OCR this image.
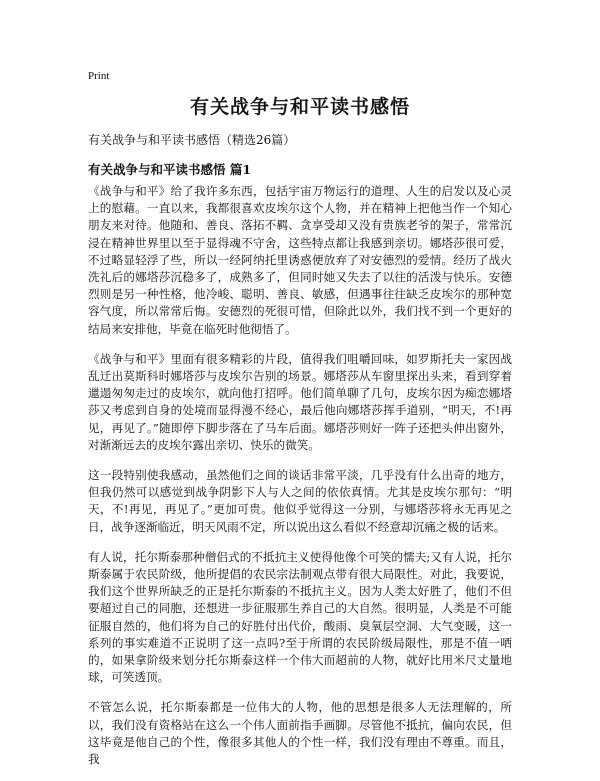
Print
有关战争与和平读书感悟

有关战争与和平读书感悟（精选26篇）

有关战争与和平读书感悟 篇1

《战争与和平》给了我许多东西，包括宇宙万物运行的道理、人生的启发以及心灵上的慰藉。一直以来，我都很喜欢皮埃尔这个人物，并在精神上把他当作一个知心朋友来对待。他随和、善良、落拓不羁、贪享受却又没有贵族老爷的架子，常常沉浸在精神世界里以至于显得魂不守舍，这些特点都让我感到亲切。娜塔莎很可爱，不过略显轻浮了些，所以一经阿纳托里诱惑便放弃了对安德烈的爱情。经历了战火洗礼后的娜塔莎沉稳多了，成熟多了，但同时她又失去了以往的活泼与快乐。安德烈则是另一种性格，他冷峻、聪明、善良、敏感，但遇事往往缺乏皮埃尔的那种宽容气度，所以常常后悔。安德烈的死很可惜，但除此以外，我们找不到一个更好的结局来安排他，毕竟在临死时他彻悟了。

《战争与和平》里面有很多精彩的片段，值得我们咀嚼回味，如罗斯托夫一家因战乱迁出莫斯科时娜塔莎与皮埃尔告别的场景。娜塔莎从车窗里探出头来，看到穿着邋遢匆匆走过的皮埃尔，就向他打招呼。他们简单聊了几句，皮埃尔因为痴恋娜塔莎又考虑到自身的处境而显得漫不经心，最后他向娜塔莎挥手道别，“明天，不!再见，再见了。”随即停下脚步落在了马车后面。娜塔莎则好一阵子还把头伸出窗外，对渐渐远去的皮埃尔露出亲切、快乐的微笑。

这一段特别使我感动，虽然他们之间的谈话非常平淡，几乎没有什么出奇的地方，但我仍然可以感觉到战争阴影下人与人之间的依依真情。尤其是皮埃尔那句：“明天，不!再见，再见了。”更加可贵。他似乎觉得这一分别，与娜塔莎将永无再见之日，战争逐渐临近，明天风雨不定，所以说出这么看似不经意却沉痛之极的话来。

有人说，托尔斯泰那种僧侣式的不抵抗主义使得他像个可笑的懦夫;又有人说，托尔斯泰属于农民阶级，他所提倡的农民宗法制观点带有很大局限性。对此，我要说，我们这个世界所缺乏的正是托尔斯泰的不抵抗主义。因为人类太好胜了，他们不但要超过自己的同胞，还想进一步征服那生养自己的大自然。很明显，人类是不可能征服自然的，他们将为自己的好胜付出代价，酸雨、臭氧层空洞、大气变暖，这一系列的事实难道不正说明了这一点吗?至于所谓的农民阶级局限性，那是不值一哂的，如果拿阶级来划分托尔斯泰这样一个伟大而超前的人物，就好比用米尺丈量地球，可笑透顶。

不管怎么说，托尔斯泰都是一位伟大的人物，他的思想是很多人无法理解的，所以，我们没有资格站在这么一个伟人面前指手画脚。尽管他不抵抗，偏向农民，但这毕竟是他自己的个性，像很多其他人的个性一样，我们没有理由不尊重。而且，我
